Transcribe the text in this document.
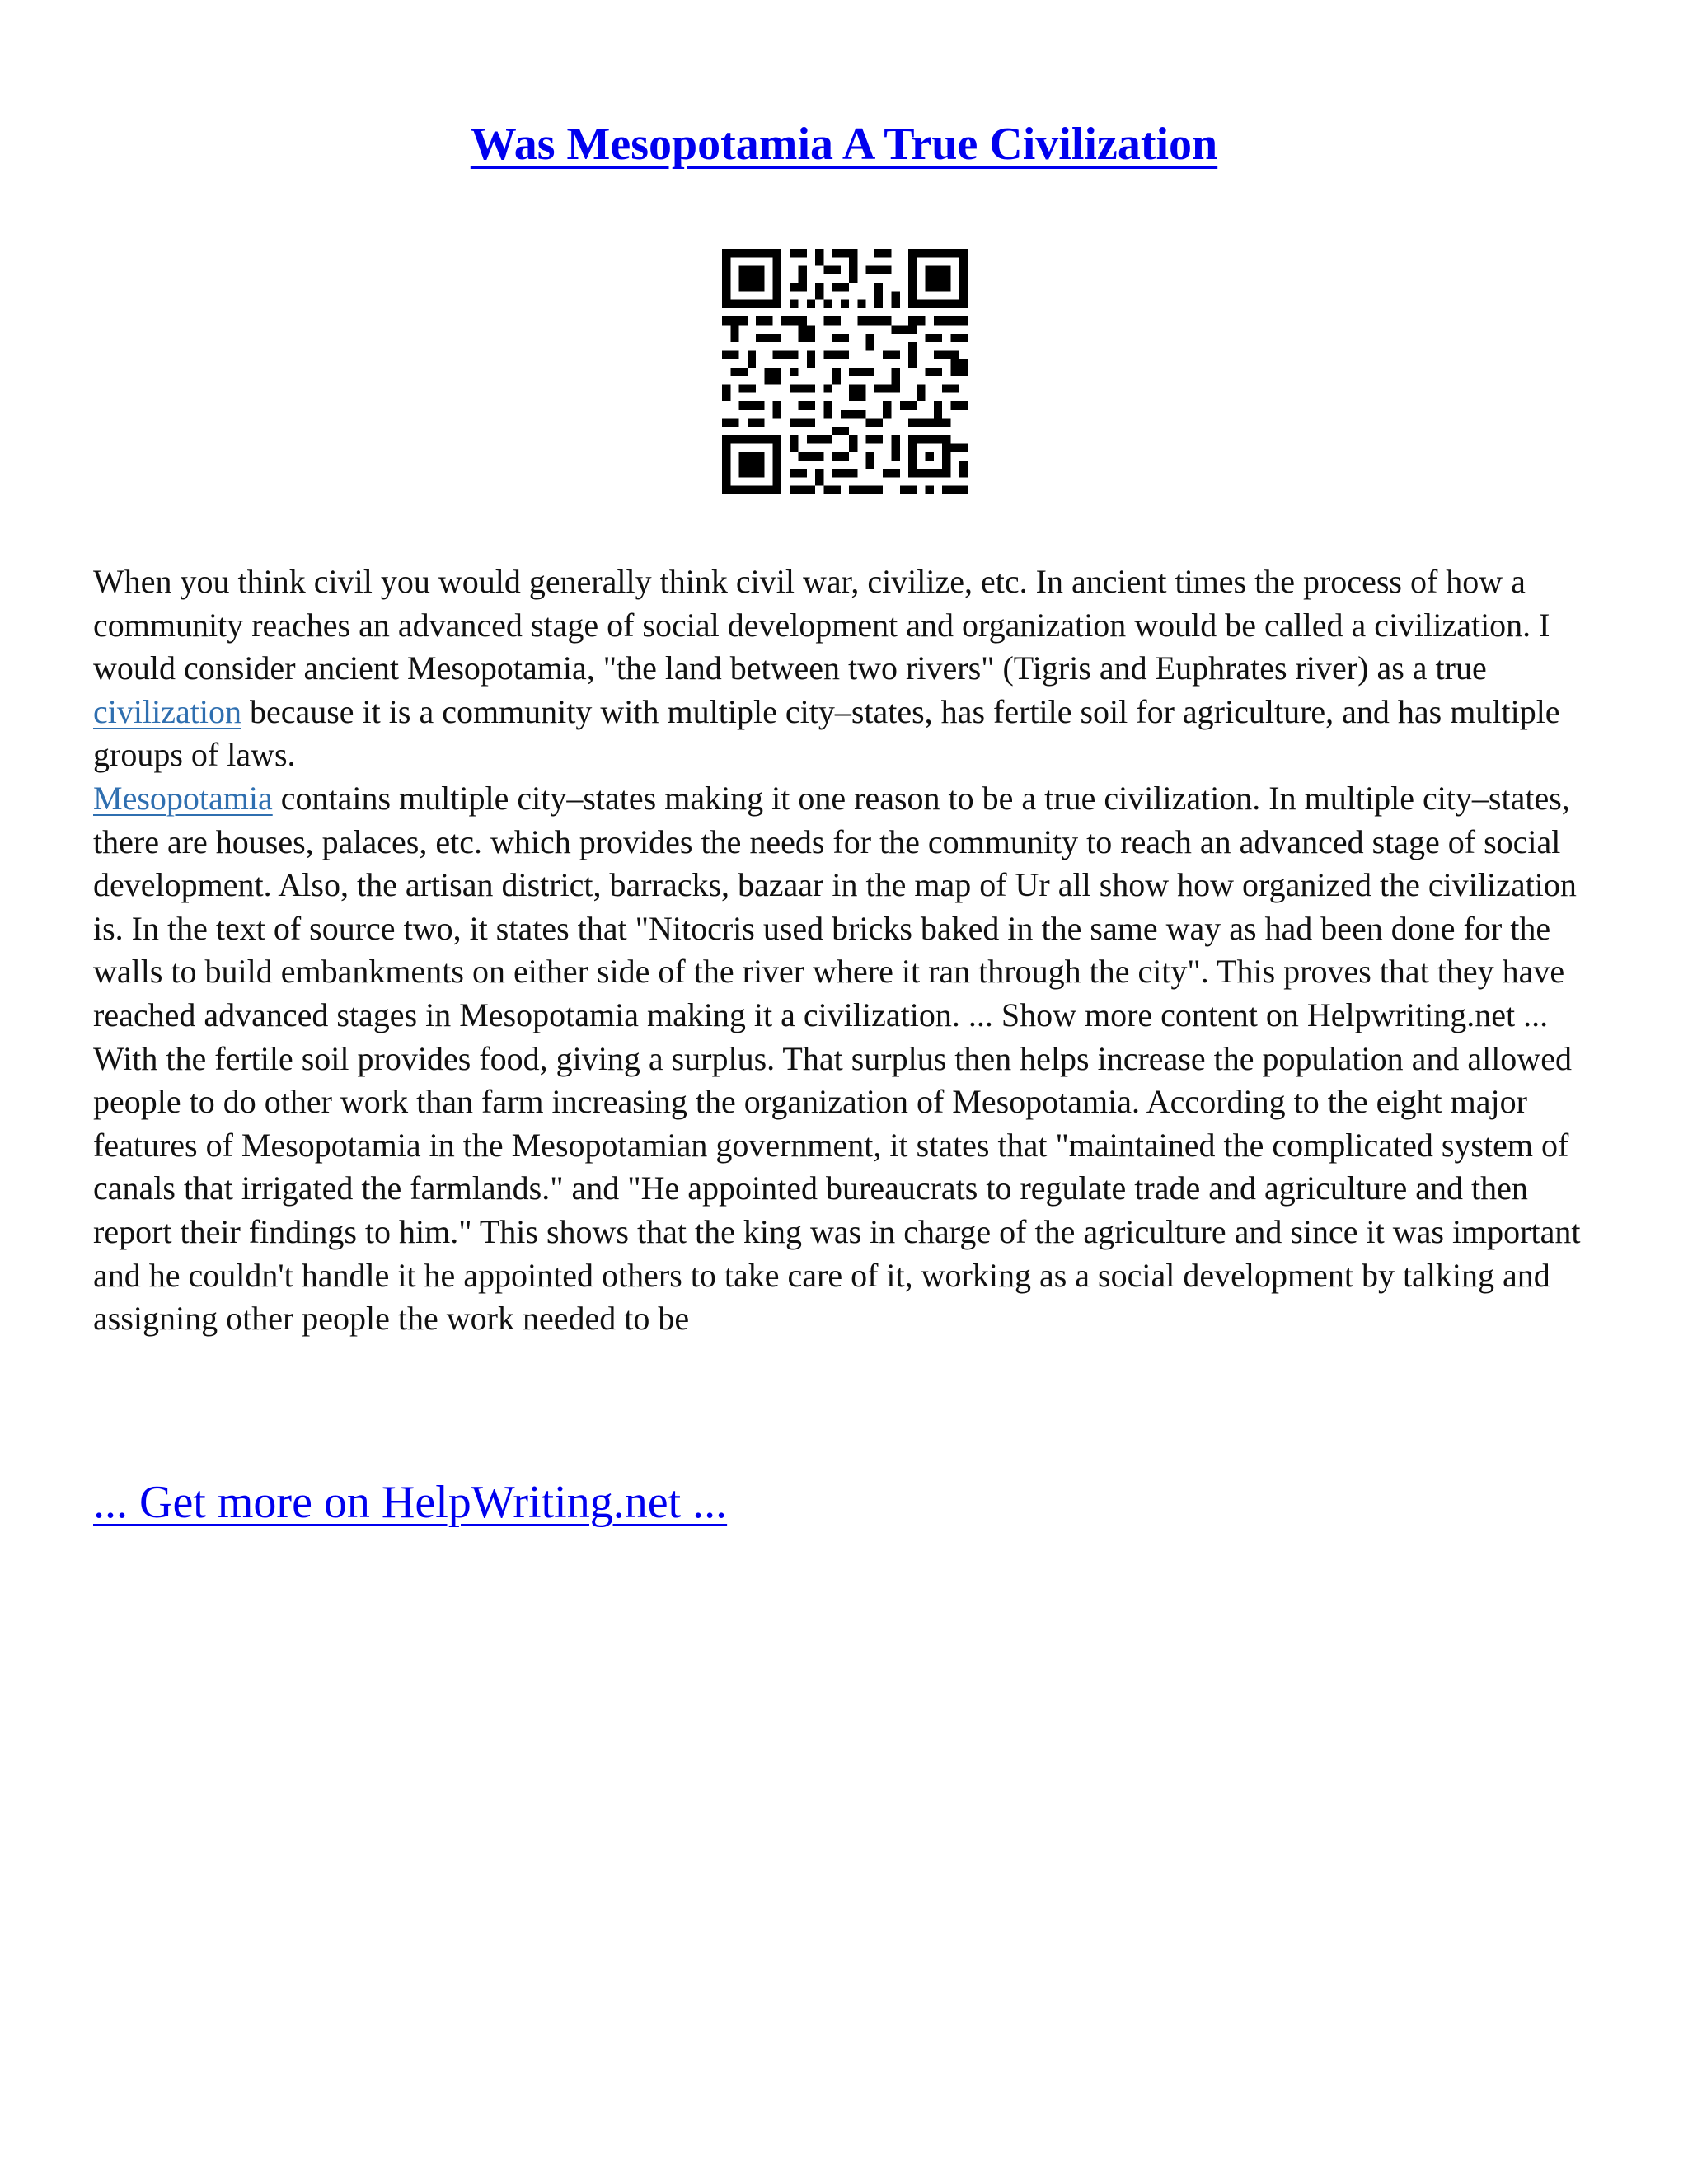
Was Mesopotamia A True Civilization

When you think civil you would generally think civil war, civilize, etc. In ancient times the process of how a community reaches an advanced stage of social development and organization would be called a civilization. I would consider ancient Mesopotamia, "the land between two rivers" (Tigris and Euphrates river) as a true civilization because it is a community with multiple city–states, has fertile soil for agriculture, and has multiple groups of laws.

Mesopotamia contains multiple city–states making it one reason to be a true civilization. In multiple city–states, there are houses, palaces, etc. which provides the needs for the community to reach an advanced stage of social development. Also, the artisan district, barracks, bazaar in the map of Ur all show how organized the civilization is. In the text of source two, it states that "Nitocris used bricks baked in the same way as had been done for the walls to build embankments on either side of the river where it ran through the city". This proves that they have reached advanced stages in Mesopotamia making it a civilization. ... Show more content on Helpwriting.net ...

With the fertile soil provides food, giving a surplus. That surplus then helps increase the population and allowed people to do other work than farm increasing the organization of Mesopotamia. According to the eight major features of Mesopotamia in the Mesopotamian government, it states that "maintained the complicated system of canals that irrigated the farmlands." and "He appointed bureaucrats to regulate trade and agriculture and then report their findings to him." This shows that the king was in charge of the agriculture and since it was important and he couldn't handle it he appointed others to take care of it, working as a social development by talking and assigning other people the work needed to be

... Get more on HelpWriting.net ...
